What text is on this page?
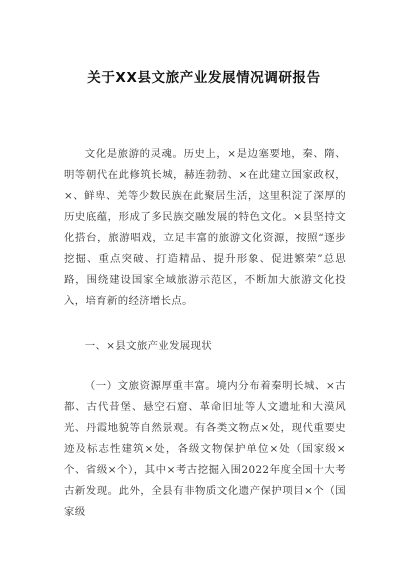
关于XX县文旅产业发展情况调研报告

文化是旅游的灵魂。历史上，×是边塞要地，秦、隋、明等朝代在此修筑长城，赫连勃勃、×在此建立国家政权，×、鲜卑、羌等少数民族在此聚居生活，这里积淀了深厚的历史底蕴，形成了多民族交融发展的特色文化。×县坚持文化搭台，旅游唱戏，立足丰富的旅游文化资源，按照“逐步挖掘、重点突破、打造精品、提升形象、促进繁荣”总思路，围绕建设国家全域旅游示范区，不断加大旅游文化投入，培育新的经济增长点。

一、×县文旅产业发展现状

（一）文旅资源厚重丰富。境内分布着秦明长城、×古都、古代昔堡、悬空石窟、革命旧址等人文遗址和大漠风光、丹霞地貌等自然景观。有各类文物点×处，现代重要史迹及标志性建筑×处，各级文物保护单位×处（国家级×个、省级×个），其中×考古挖掘入围2022年度全国十大考古新发现。此外，全县有非物质文化遗产保护项目×个（国家级
